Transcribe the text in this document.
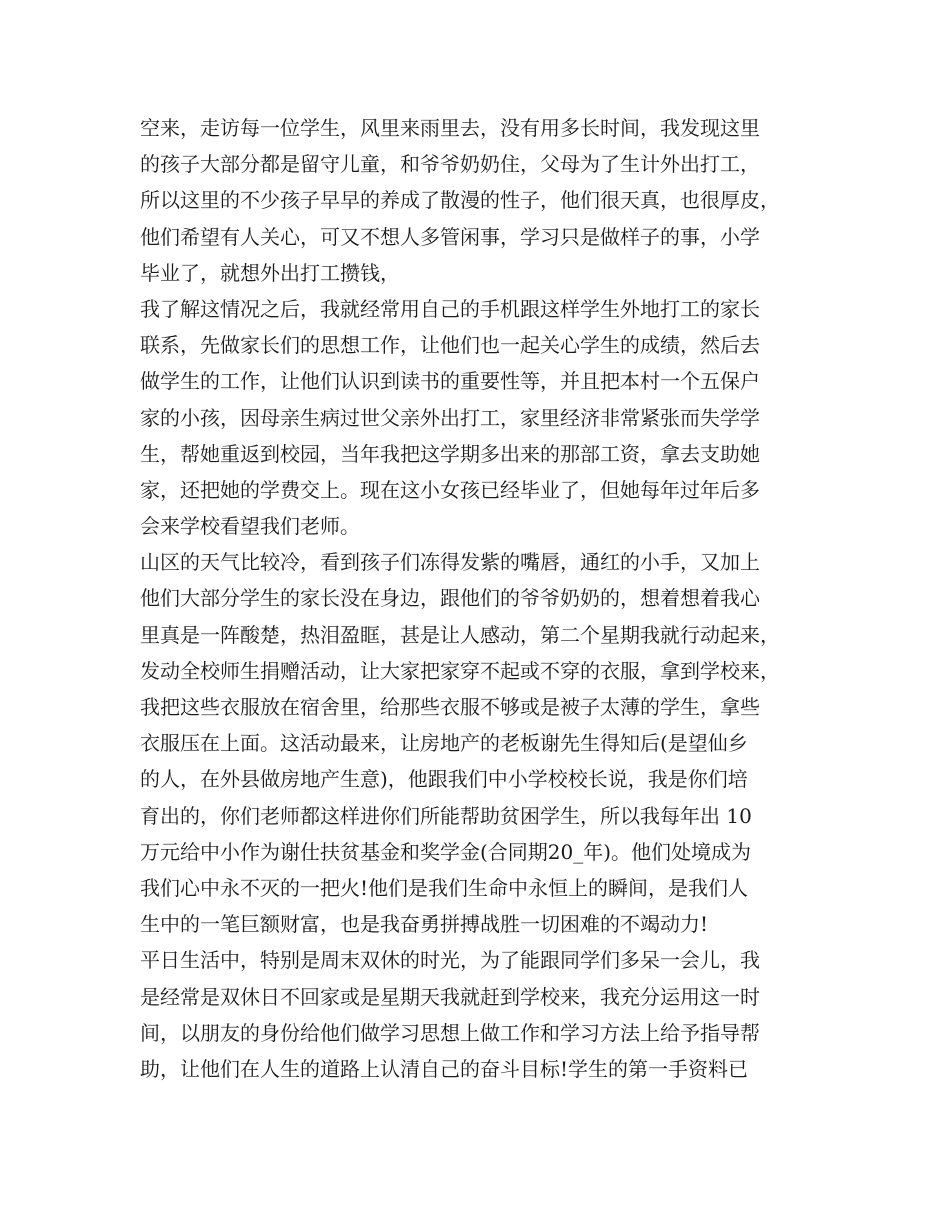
空来，走访每一位学生，风里来雨里去，没有用多长时间，我发现这里
的孩子大部分都是留守儿童，和爷爷奶奶住，父母为了生计外出打工，
所以这里的不少孩子早早的养成了散漫的性子，他们很天真，也很厚皮，
他们希望有人关心，可又不想人多管闲事，学习只是做样子的事，小学
毕业了，就想外出打工攒钱，
我了解这情况之后，我就经常用自己的手机跟这样学生外地打工的家长
联系，先做家长们的思想工作，让他们也一起关心学生的成绩，然后去
做学生的工作，让他们认识到读书的重要性等，并且把本村一个五保户
家的小孩，因母亲生病过世父亲外出打工，家里经济非常紧张而失学学
生，帮她重返到校园，当年我把这学期多出来的那部工资，拿去支助她
家，还把她的学费交上。现在这小女孩已经毕业了，但她每年过年后多
会来学校看望我们老师。
山区的天气比较冷，看到孩子们冻得发紫的嘴唇，通红的小手，又加上
他们大部分学生的家长没在身边，跟他们的爷爷奶奶的，想着想着我心
里真是一阵酸楚，热泪盈眶，甚是让人感动，第二个星期我就行动起来，
发动全校师生捐赠活动，让大家把家穿不起或不穿的衣服，拿到学校来，
我把这些衣服放在宿舍里，给那些衣服不够或是被子太薄的学生，拿些
衣服压在上面。这活动最来，让房地产的老板谢先生得知后(是望仙乡
的人，在外县做房地产生意)，他跟我们中小学校校长说，我是你们培
育出的，你们老师都这样进你们所能帮助贫困学生，所以我每年出 10
万元给中小作为谢仕扶贫基金和奖学金(合同期20_年)。他们处境成为
我们心中永不灭的一把火!他们是我们生命中永恒上的瞬间，是我们人
生中的一笔巨额财富，也是我奋勇拼搏战胜一切困难的不竭动力!
平日生活中，特别是周末双休的时光，为了能跟同学们多呆一会儿，我
是经常是双休日不回家或是星期天我就赶到学校来，我充分运用这一时
间，以朋友的身份给他们做学习思想上做工作和学习方法上给予指导帮
助，让他们在人生的道路上认清自己的奋斗目标!学生的第一手资料已
